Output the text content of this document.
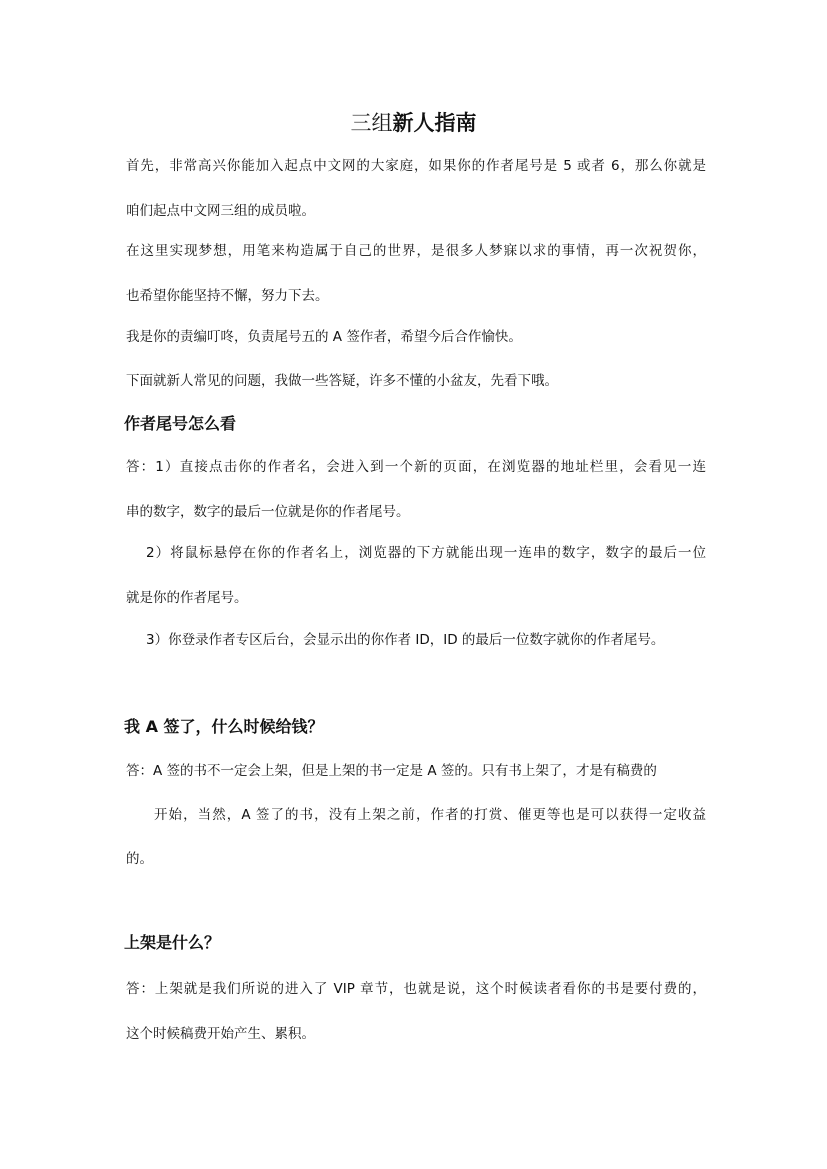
三组新人指南
首先，非常高兴你能加入起点中文网的大家庭，如果你的作者尾号是 5 或者 6，那么你就是
咱们起点中文网三组的成员啦。
在这里实现梦想，用笔来构造属于自己的世界，是很多人梦寐以求的事情，再一次祝贺你，
也希望你能坚持不懈，努力下去。
我是你的责编叮咚，负责尾号五的 A 签作者，希望今后合作愉快。
下面就新人常见的问题，我做一些答疑，许多不懂的小盆友，先看下哦。
作者尾号怎么看
答：1）直接点击你的作者名，会进入到一个新的页面，在浏览器的地址栏里，会看见一连
串的数字，数字的最后一位就是你的作者尾号。
2）将鼠标悬停在你的作者名上，浏览器的下方就能出现一连串的数字，数字的最后一位
就是你的作者尾号。
3）你登录作者专区后台，会显示出的你作者 ID，ID 的最后一位数字就你的作者尾号。
我 A 签了，什么时候给钱？
答：A 签的书不一定会上架，但是上架的书一定是 A 签的。只有书上架了，才是有稿费的
开始，当然，A 签了的书，没有上架之前，作者的打赏、催更等也是可以获得一定收益
的。
上架是什么？
答：上架就是我们所说的进入了 VIP 章节，也就是说，这个时候读者看你的书是要付费的，
这个时候稿费开始产生、累积。
